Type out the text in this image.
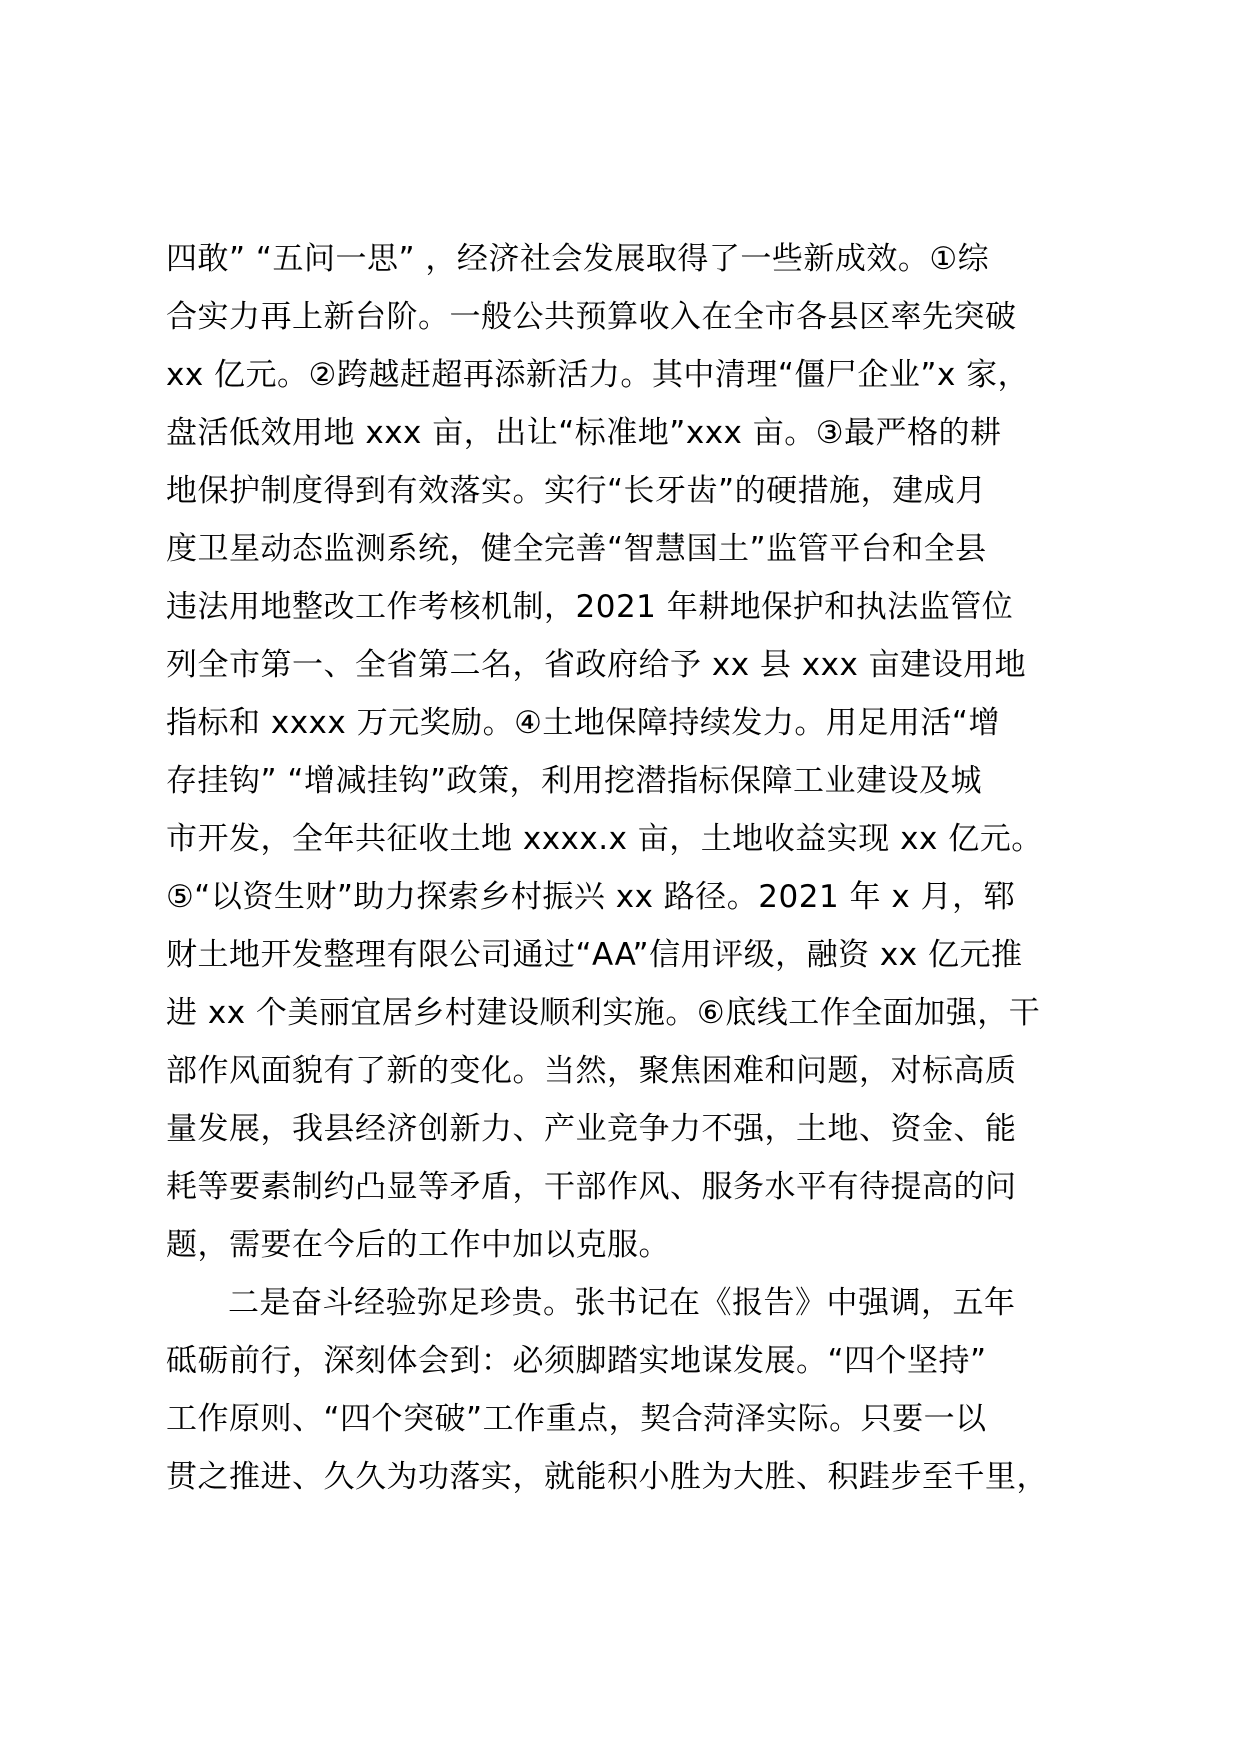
四敢” “五问一思” ，经济社会发展取得了一些新成效。①综
合实力再上新台阶。一般公共预算收入在全市各县区率先突破
xx 亿元。②跨越赶超再添新活力。其中清理“僵尸企业”x 家，
盘活低效用地 xxx 亩，出让“标准地”xxx 亩。③最严格的耕
地保护制度得到有效落实。实行“长牙齿”的硬措施，建成月
度卫星动态监测系统，健全完善“智慧国土”监管平台和全县
违法用地整改工作考核机制，2021 年耕地保护和执法监管位
列全市第一、全省第二名，省政府给予 xx 县 xxx 亩建设用地
指标和 xxxx 万元奖励。④土地保障持续发力。用足用活“增
存挂钩” “增减挂钩”政策，利用挖潜指标保障工业建设及城
市开发，全年共征收土地 xxxx.x 亩，土地收益实现 xx 亿元。
⑤“以资生财”助力探索乡村振兴 xx 路径。2021 年 x 月，郓
财土地开发整理有限公司通过“AA”信用评级，融资 xx 亿元推
进 xx 个美丽宜居乡村建设顺利实施。⑥底线工作全面加强，干
部作风面貌有了新的变化。当然，聚焦困难和问题，对标高质
量发展，我县经济创新力、产业竞争力不强，土地、资金、能
耗等要素制约凸显等矛盾，干部作风、服务水平有待提高的问
题，需要在今后的工作中加以克服。
二是奋斗经验弥足珍贵。张书记在《报告》中强调，五年
砥砺前行，深刻体会到：必须脚踏实地谋发展。“四个坚持”
工作原则、“四个突破”工作重点，契合菏泽实际。只要一以
贯之推进、久久为功落实，就能积小胜为大胜、积跬步至千里，
